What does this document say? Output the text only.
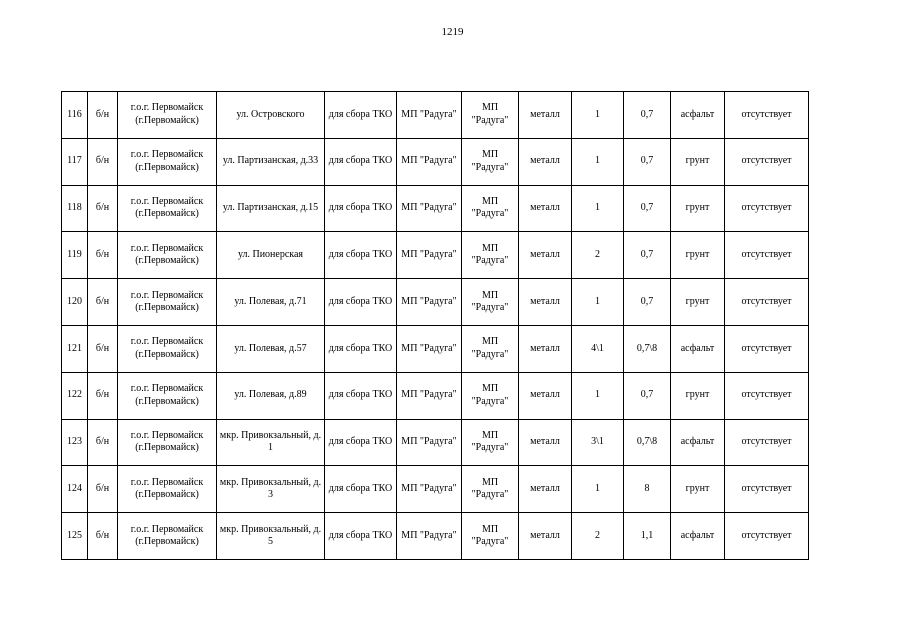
1219
116	б/н	г.о.г. Первомайск (г.Первомайск)	ул. Островского	для сбора ТКО	МП "Радуга"	МП "Радуга"	металл	1	0,7	асфальт	отсутствует
117	б/н	г.о.г. Первомайск (г.Первомайск)	ул. Партизанская, д.33	для сбора ТКО	МП "Радуга"	МП "Радуга"	металл	1	0,7	грунт	отсутствует
118	б/н	г.о.г. Первомайск (г.Первомайск)	ул. Партизанская, д.15	для сбора ТКО	МП "Радуга"	МП "Радуга"	металл	1	0,7	грунт	отсутствует
119	б/н	г.о.г. Первомайск (г.Первомайск)	ул. Пионерская	для сбора ТКО	МП "Радуга"	МП "Радуга"	металл	2	0,7	грунт	отсутствует
120	б/н	г.о.г. Первомайск (г.Первомайск)	ул. Полевая, д.71	для сбора ТКО	МП "Радуга"	МП "Радуга"	металл	1	0,7	грунт	отсутствует
121	б/н	г.о.г. Первомайск (г.Первомайск)	ул. Полевая, д.57	для сбора ТКО	МП "Радуга"	МП "Радуга"	металл	4\1	0,7\8	асфальт	отсутствует
122	б/н	г.о.г. Первомайск (г.Первомайск)	ул. Полевая, д.89	для сбора ТКО	МП "Радуга"	МП "Радуга"	металл	1	0,7	грунт	отсутствует
123	б/н	г.о.г. Первомайск (г.Первомайск)	мкр. Привокзальный, д. 1	для сбора ТКО	МП "Радуга"	МП "Радуга"	металл	3\1	0,7\8	асфальт	отсутствует
124	б/н	г.о.г. Первомайск (г.Первомайск)	мкр. Привокзальный, д. 3	для сбора ТКО	МП "Радуга"	МП "Радуга"	металл	1	8	грунт	отсутствует
125	б/н	г.о.г. Первомайск (г.Первомайск)	мкр. Привокзальный, д. 5	для сбора ТКО	МП "Радуга"	МП "Радуга"	металл	2	1,1	асфальт	отсутствует
